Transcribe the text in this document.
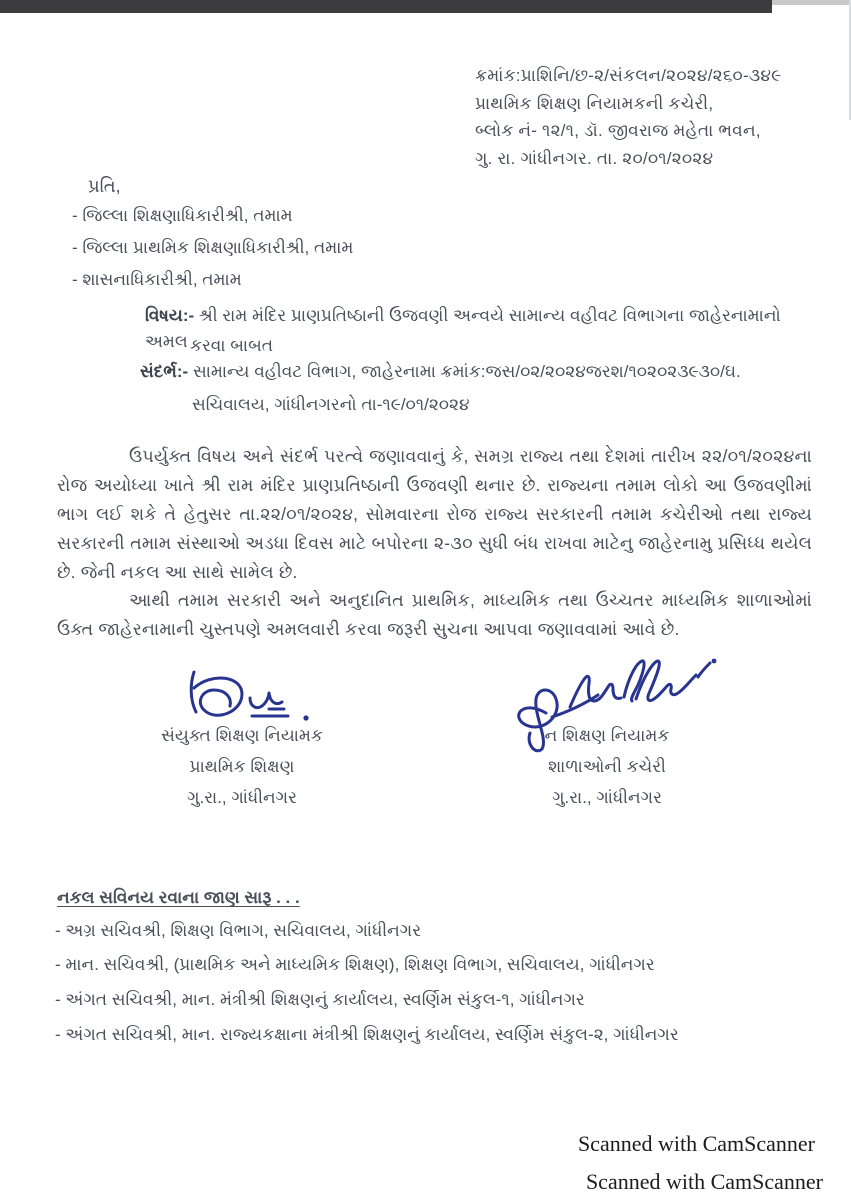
ક્રમાંક:પ્રાશિનિ/છ-૨/સંકલન/૨૦૨૪/૨૬૦-૩૪૯
પ્રાથમિક શિક્ષણ નિયામકની કચેરી,
બ્લોક નં- ૧૨/૧, ડૉ. જીવરાજ મહેતા ભવન,
ગુ. રા. ગાંધીનગર. તા. ૨૦/૦૧/૨૦૨૪
પ્રતિ,
- જિલ્લા શિક્ષણાધિકારીશ્રી, તમામ
- જિલ્લા પ્રાથમિક શિક્ષણાધિકારીશ્રી, તમામ
- શાસનાધિકારીશ્રી, તમામ
વિષય:- શ્રી રામ મંદિર પ્રાણપ્રતિષ્ઠાની ઉજવણી અન્વયે સામાન્ય વહીવટ વિભાગના જાહેરનામાનો અમલ કરવા બાબત
સંદર્ભ:- સામાન્ય વહીવટ વિભાગ, જાહેરનામા ક્રમાંક:જસ/૦૨/૨૦૨૪જરશ/૧૦૨૦૨૩૯૩૦/ઘ.
સચિવાલય, ગાંધીનગરનો તા-૧૯/૦૧/૨૦૨૪
ઉપર્યુક્ત વિષય અને સંદર્ભ પરત્વે જણાવવાનું કે, સમગ્ર રાજ્ય તથા દેશમાં તારીખ ૨૨/૦૧/૨૦૨૪ના રોજ અયોધ્યા ખાતે શ્રી રામ મંદિર પ્રાણપ્રતિષ્ઠાની ઉજવણી થનાર છે. રાજ્યના તમામ લોકો આ ઉજવણીમાં ભાગ લઈ શકે તે હેતુસર તા.૨૨/૦૧/૨૦૨૪, સોમવારના રોજ રાજ્ય સરકારની તમામ કચેરીઓ તથા રાજ્ય સરકારની તમામ સંસ્થાઓ અડધા દિવસ માટે બપોરના ૨-૩૦ સુધી બંધ રાખવા માટેનુ જાહેરનામુ પ્રસિધ્ધ થયેલ છે. જેની નકલ આ સાથે સામેલ છે.
આથી તમામ સરકારી અને અનુદાનિત પ્રાથમિક, માધ્યમિક તથા ઉચ્ચતર માધ્યમિક શાળાઓમાં ઉક્ત જાહેરનામાની ચુસ્તપણે અમલવારી કરવા જરૂરી સુચના આપવા જણાવવામાં આવે છે.
સંયુક્ત શિક્ષણ નિયામક
પ્રાથમિક શિક્ષણ
ગુ.રા., ગાંધીનગર
ન શિક્ષણ નિયામક
શાળાઓની કચેરી
ગુ.રા., ગાંધીનગર
નકલ સવિનય રવાના જાણ સારૂ . . .
- અગ્ર સચિવશ્રી, શિક્ષણ વિભાગ, સચિવાલય, ગાંધીનગર
- માન. સચિવશ્રી, (પ્રાથમિક અને માધ્યમિક શિક્ષણ), શિક્ષણ વિભાગ, સચિવાલય, ગાંધીનગર
- અંગત સચિવશ્રી, માન. મંત્રીશ્રી શિક્ષણનું કાર્યાલય, સ્વર્ણિમ સંકુલ-૧, ગાંધીનગર
- અંગત સચિવશ્રી, માન. રાજ્યકક્ષાના મંત્રીશ્રી શિક્ષણનું કાર્યાલય, સ્વર્ણિમ સંકુલ-૨, ગાંધીનગર
Scanned with CamScanner
Scanned with CamScanner
